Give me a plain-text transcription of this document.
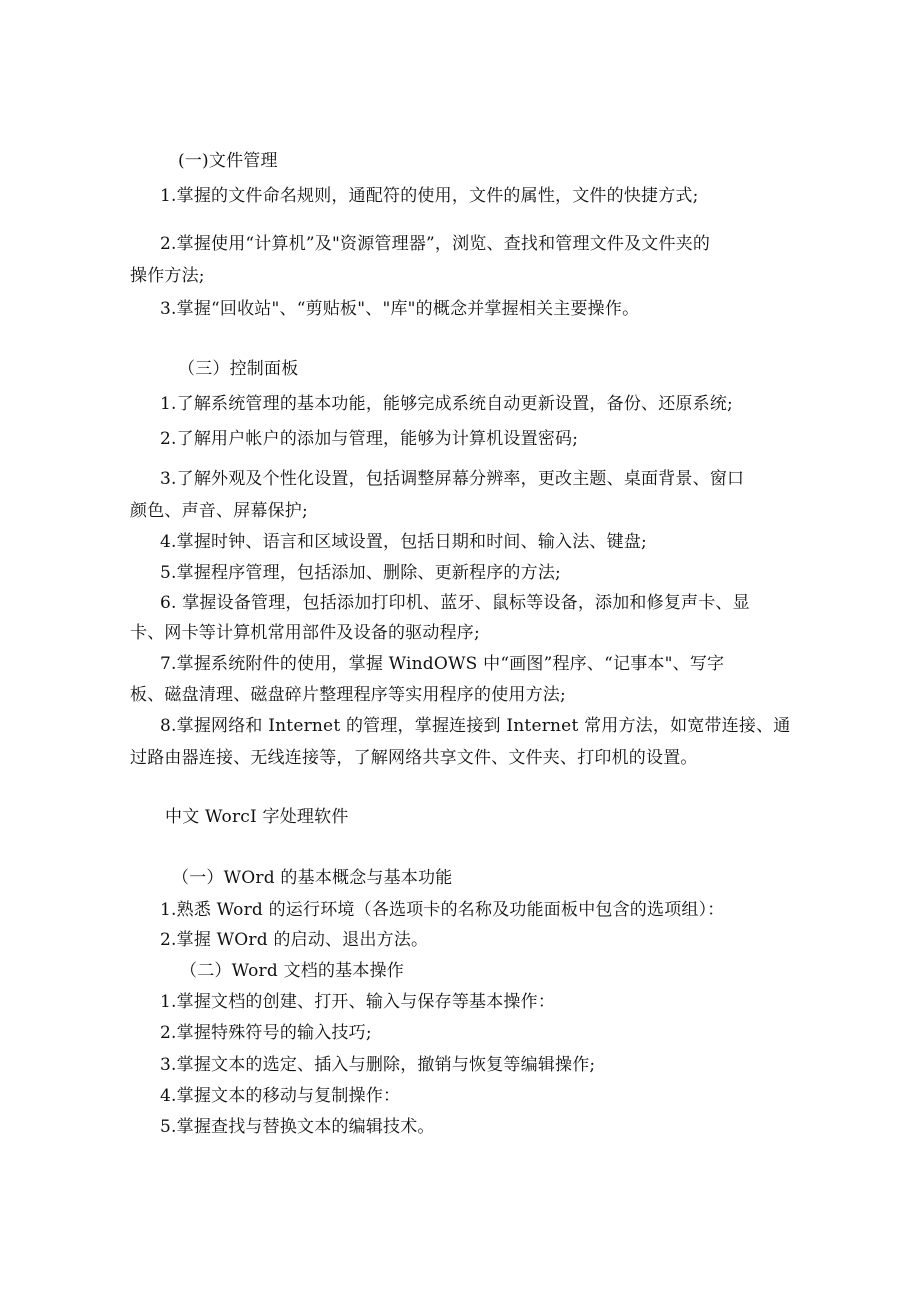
(一)文件管理
1.掌握的文件命名规则，通配符的使用，文件的属性，文件的快捷方式;
2.掌握使用“计算机”及"资源管理器”，浏览、查找和管理文件及文件夹的
操作方法;
3.掌握“回收站"、“剪贴板"、"库"的概念并掌握相关主要操作。
（三）控制面板
1.了解系统管理的基本功能，能够完成系统自动更新设置，备份、还原系统;
2.了解用户帐户的添加与管理，能够为计算机设置密码;
3.了解外观及个性化设置，包括调整屏幕分辨率，更改主题、桌面背景、窗口
颜色、声音、屏幕保护;
4.掌握时钟、语言和区域设置，包括日期和时间、输入法、键盘;
5.掌握程序管理，包括添加、删除、更新程序的方法;
6. 掌握设备管理，包括添加打印机、蓝牙、鼠标等设备，添加和修复声卡、显
卡、网卡等计算机常用部件及设备的驱动程序;
7.掌握系统附件的使用，掌握 WindOWS 中“画图”程序、“记事本"、写字
板、磁盘清理、磁盘碎片整理程序等实用程序的使用方法;
8.掌握网络和 Internet 的管理，掌握连接到 Internet 常用方法，如宽带连接、通
过路由器连接、无线连接等，了解网络共享文件、文件夹、打印机的设置。
中文 WorcI 字处理软件
（一）WOrd 的基本概念与基本功能
1.熟悉 Word 的运行环境（各选项卡的名称及功能面板中包含的选项组）：
2.掌握 WOrd 的启动、退出方法。
（二）Word 文档的基本操作
1.掌握文档的创建、打开、输入与保存等基本操作：
2.掌握特殊符号的输入技巧;
3.掌握文本的选定、插入与删除，撤销与恢复等编辑操作;
4.掌握文本的移动与复制操作：
5.掌握查找与替换文本的编辑技术。
